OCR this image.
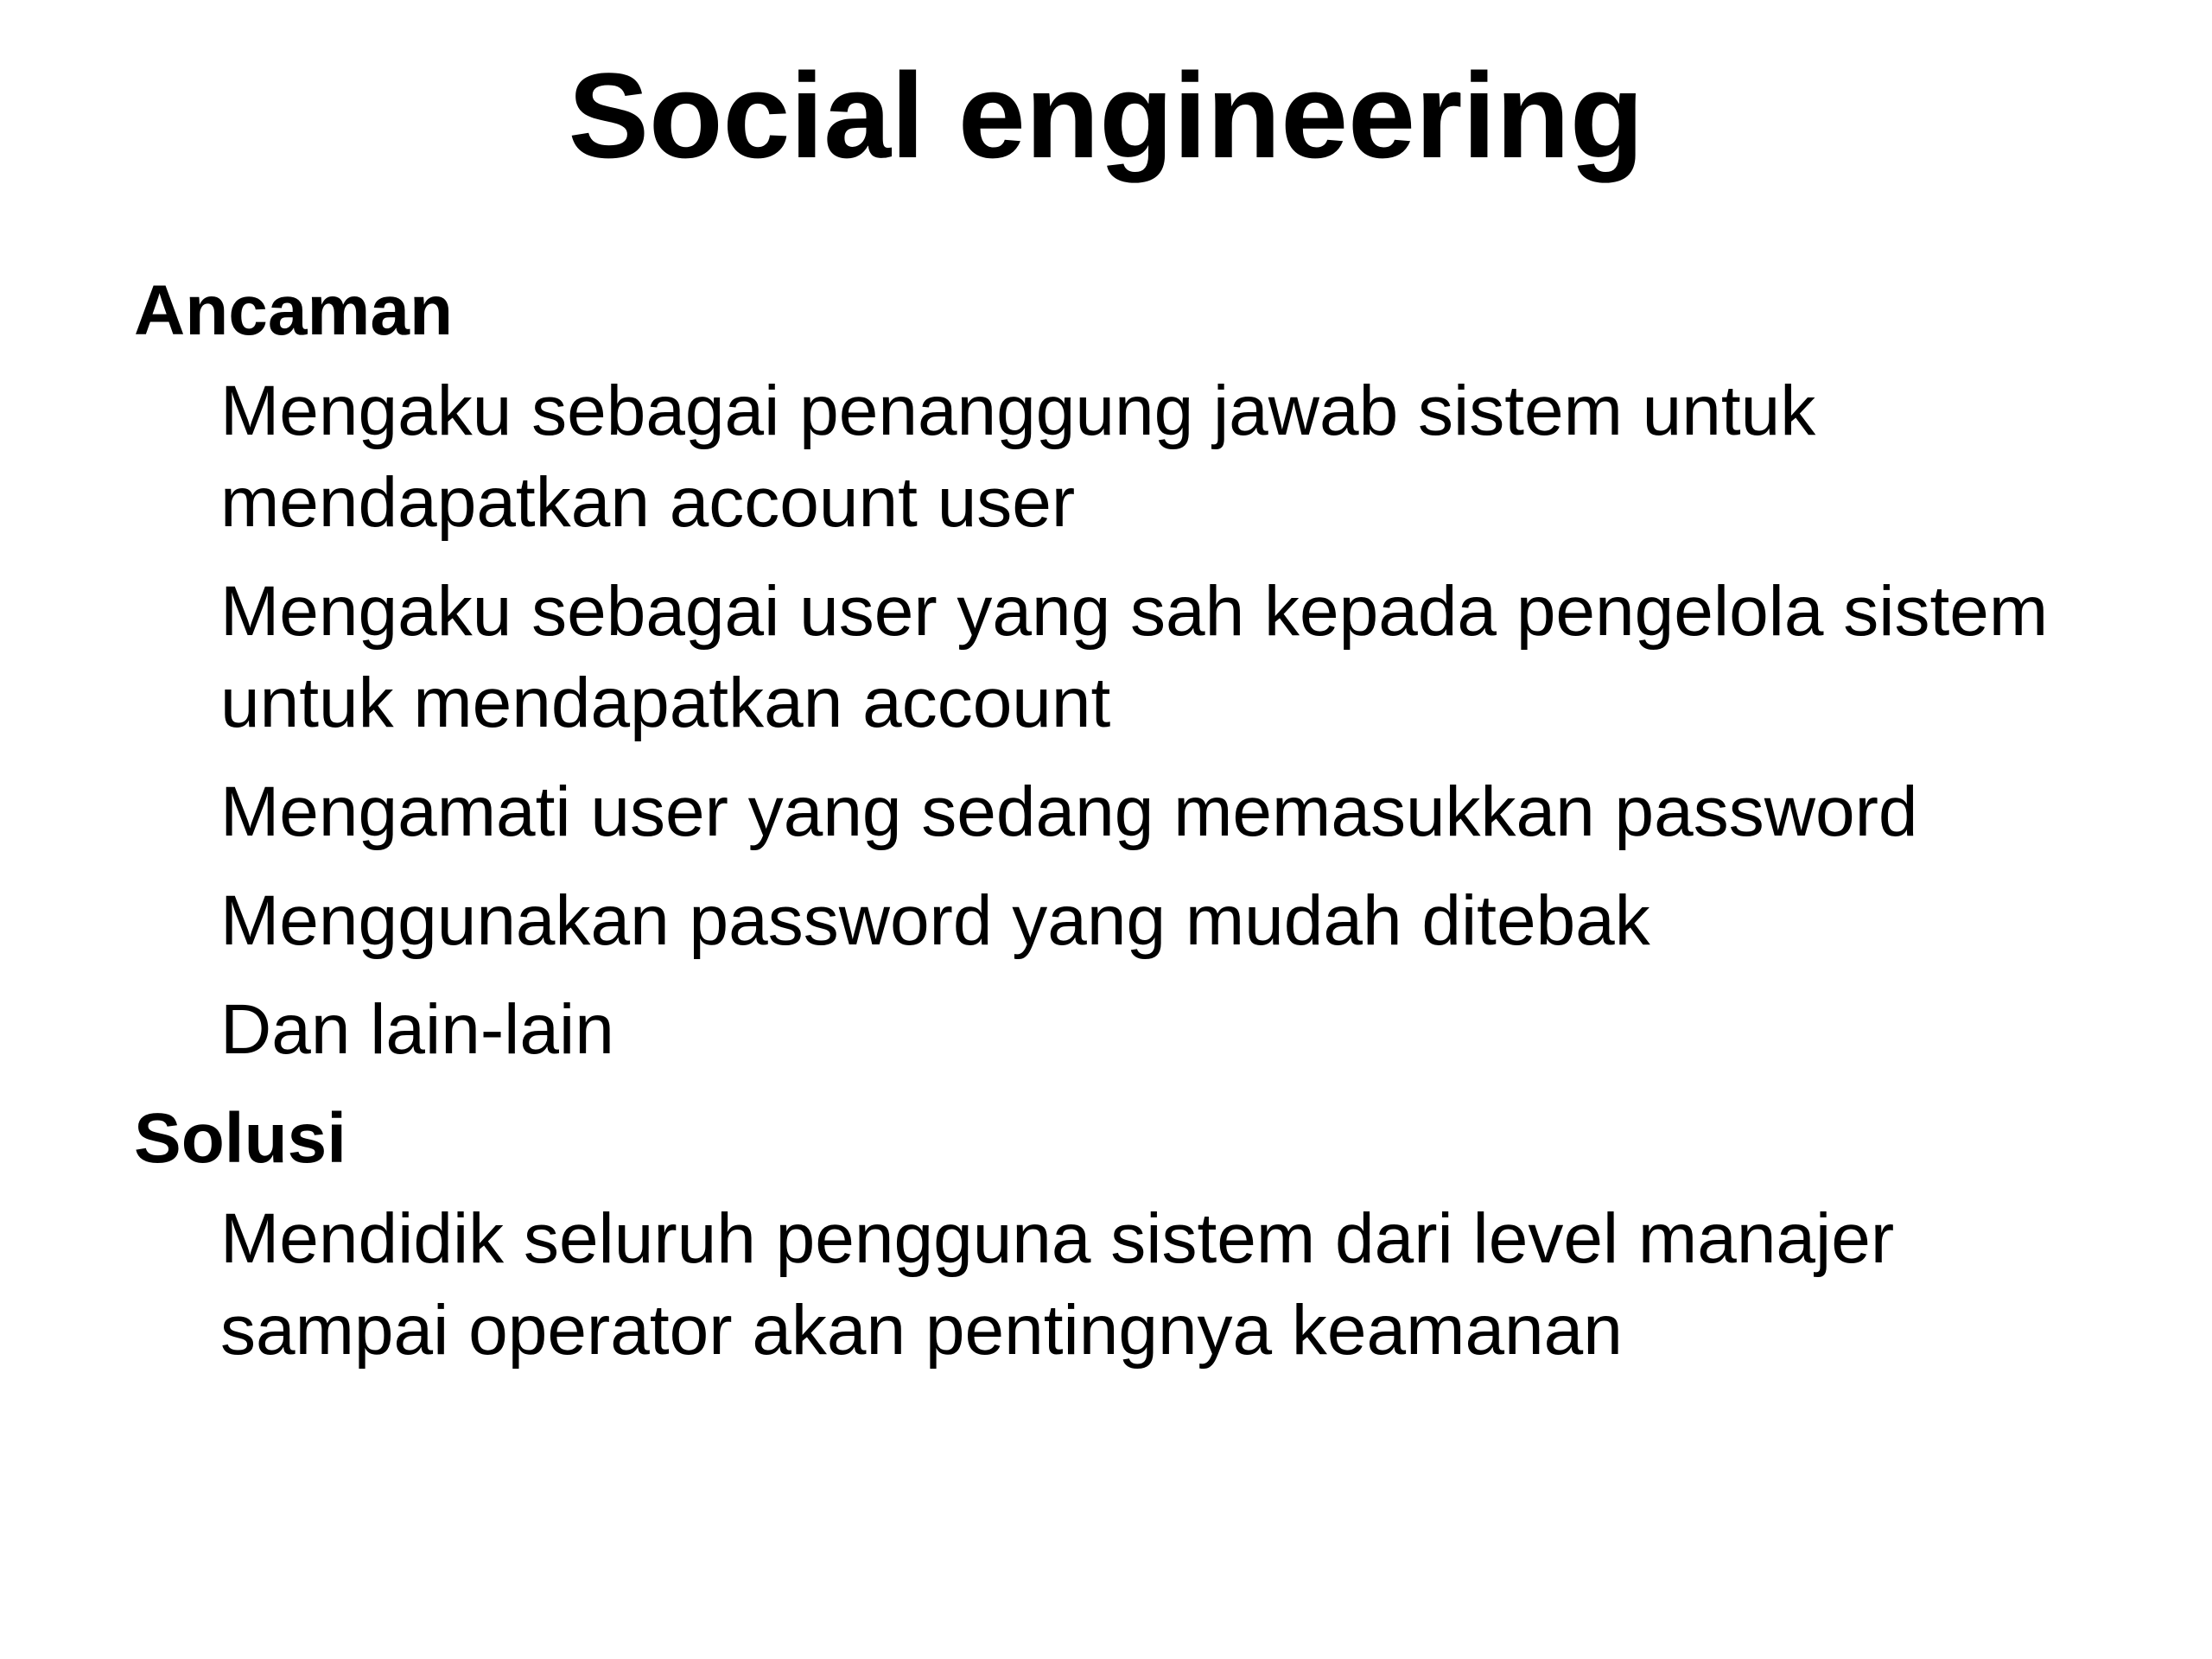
Social engineering
Ancaman
Mengaku sebagai penanggung jawab sistem untuk mendapatkan account user
Mengaku sebagai user yang sah kepada pengelola sistem untuk mendapatkan account
Mengamati user yang sedang memasukkan password
Menggunakan password yang mudah ditebak
Dan lain-lain
Solusi
Mendidik seluruh pengguna sistem dari level manajer sampai operator akan pentingnya keamanan
